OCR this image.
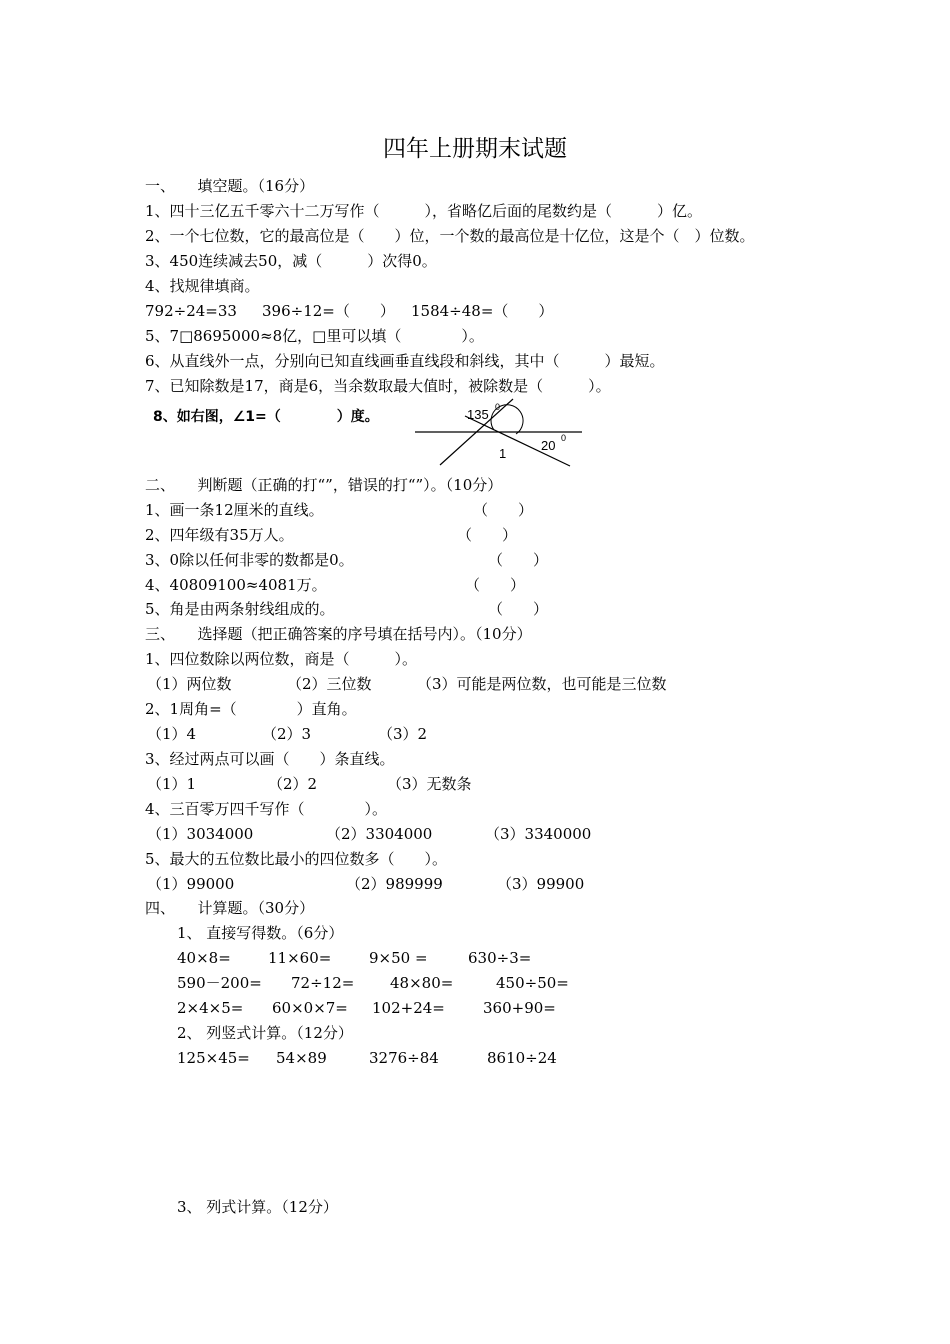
四年上册期末试题
一、　　填空题。（16分）
1、四十三亿五千零六十二万写作（　　　），省略亿后面的尾数约是（　　　）亿。
2、一个七位数，它的最高位是（　　）位，一个数的最高位是十亿位，这是个（　）位数。
3、450连续减去50，减（　　　）次得0。
4、找规律填商。
792÷24=33 396÷12=（　　） 1584÷48=（　　）
5、7□8695000≈8亿，□里可以填（　　　　）。
6、从直线外一点，分别向已知直线画垂直线段和斜线，其中（　　　）最短。
7、已知除数是17，商是6，当余数取最大值时，被除数是（　　　）。
8、如右图，∠1=（　　　　）度。	135 0
20 0
1
二、　　判断题（正确的打“”，错误的打“”）。（10分）
1、画一条12厘米的直线。	（　　）
2、四年级有35万人。	（　　）
3、0除以任何非零的数都是0。	（　　）
4、40809100≈4081万。	（　　）
5、角是由两条射线组成的。	（　　）
三、　　选择题（把正确答案的序号填在括号内）。（10分）
1、四位数除以两位数，商是（　　　）。
（1）两位数	（2）三位数	（3）可能是两位数，也可能是三位数
2、1周角=（　　　　）直角。
（1）4	（2）3	（3）2
3、经过两点可以画（　　）条直线。
（1）1	（2）2	（3）无数条
4、三百零万四千写作（　　　　）。
（1）3034000	（2）3304000	（3）3340000
5、最大的五位数比最小的四位数多（　　）。
（1）99000	（2）989999	（3）99900
四、　　计算题。（30分）
1、 直接写得数。（6分）
40×8= 11×60=	9×50 =	630÷3=
590－200= 72÷12= 48×80=	450÷50=
2×4×5= 60×0×7= 102+24=	360+90=
2、 列竖式计算。（12分）
125×45= 54×89	3276÷84	8610÷24
3、 列式计算。（12分）
